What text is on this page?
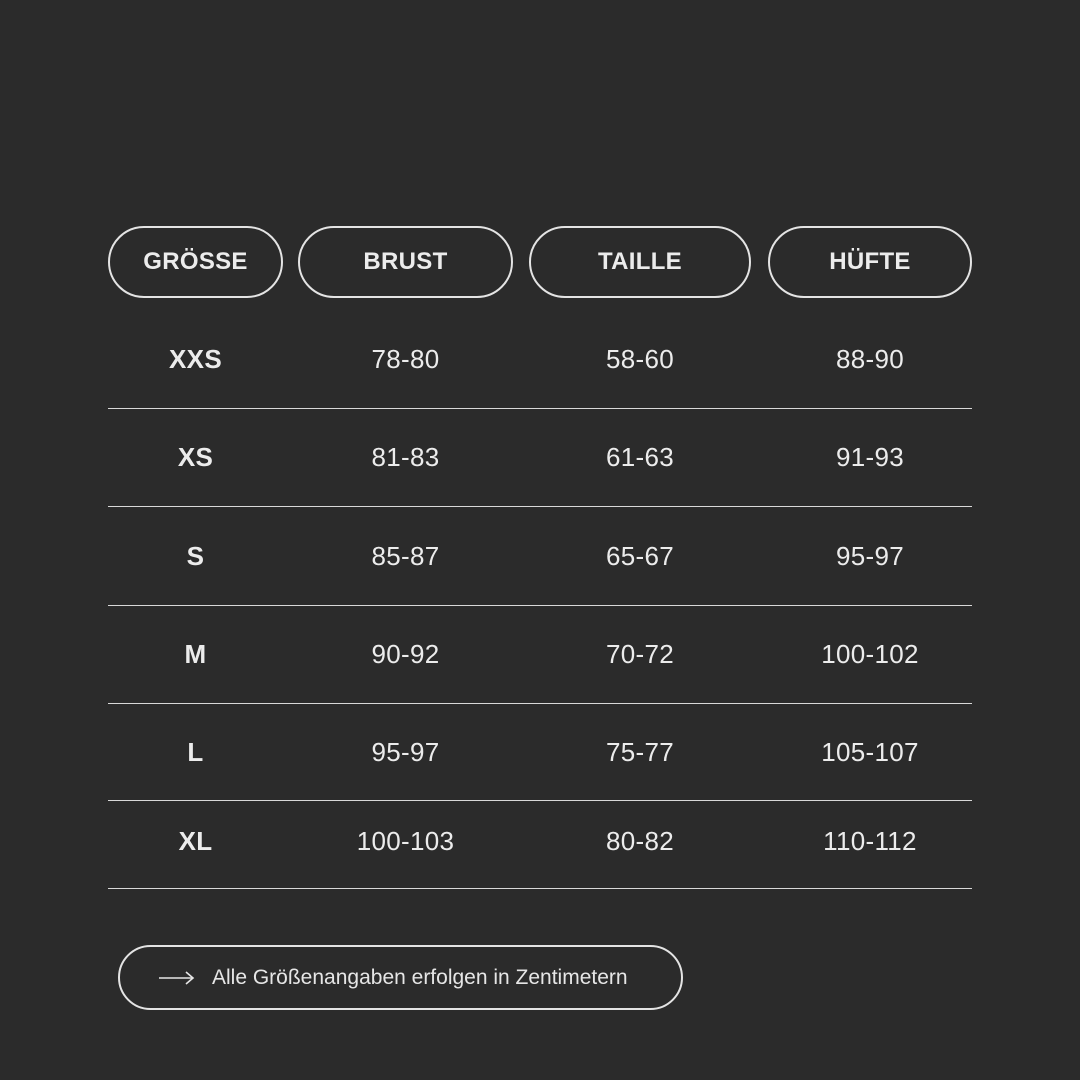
GRÖSSE	BRUST	TAILLE	HÜFTE
XXS	78-80	58-60	88-90
XS	81-83	61-63	91-93
S	85-87	65-67	95-97
M	90-92	70-72	100-102
L	95-97	75-77	105-107
XL	100-103	80-82	110-112
Alle Größenangaben erfolgen in Zentimetern
